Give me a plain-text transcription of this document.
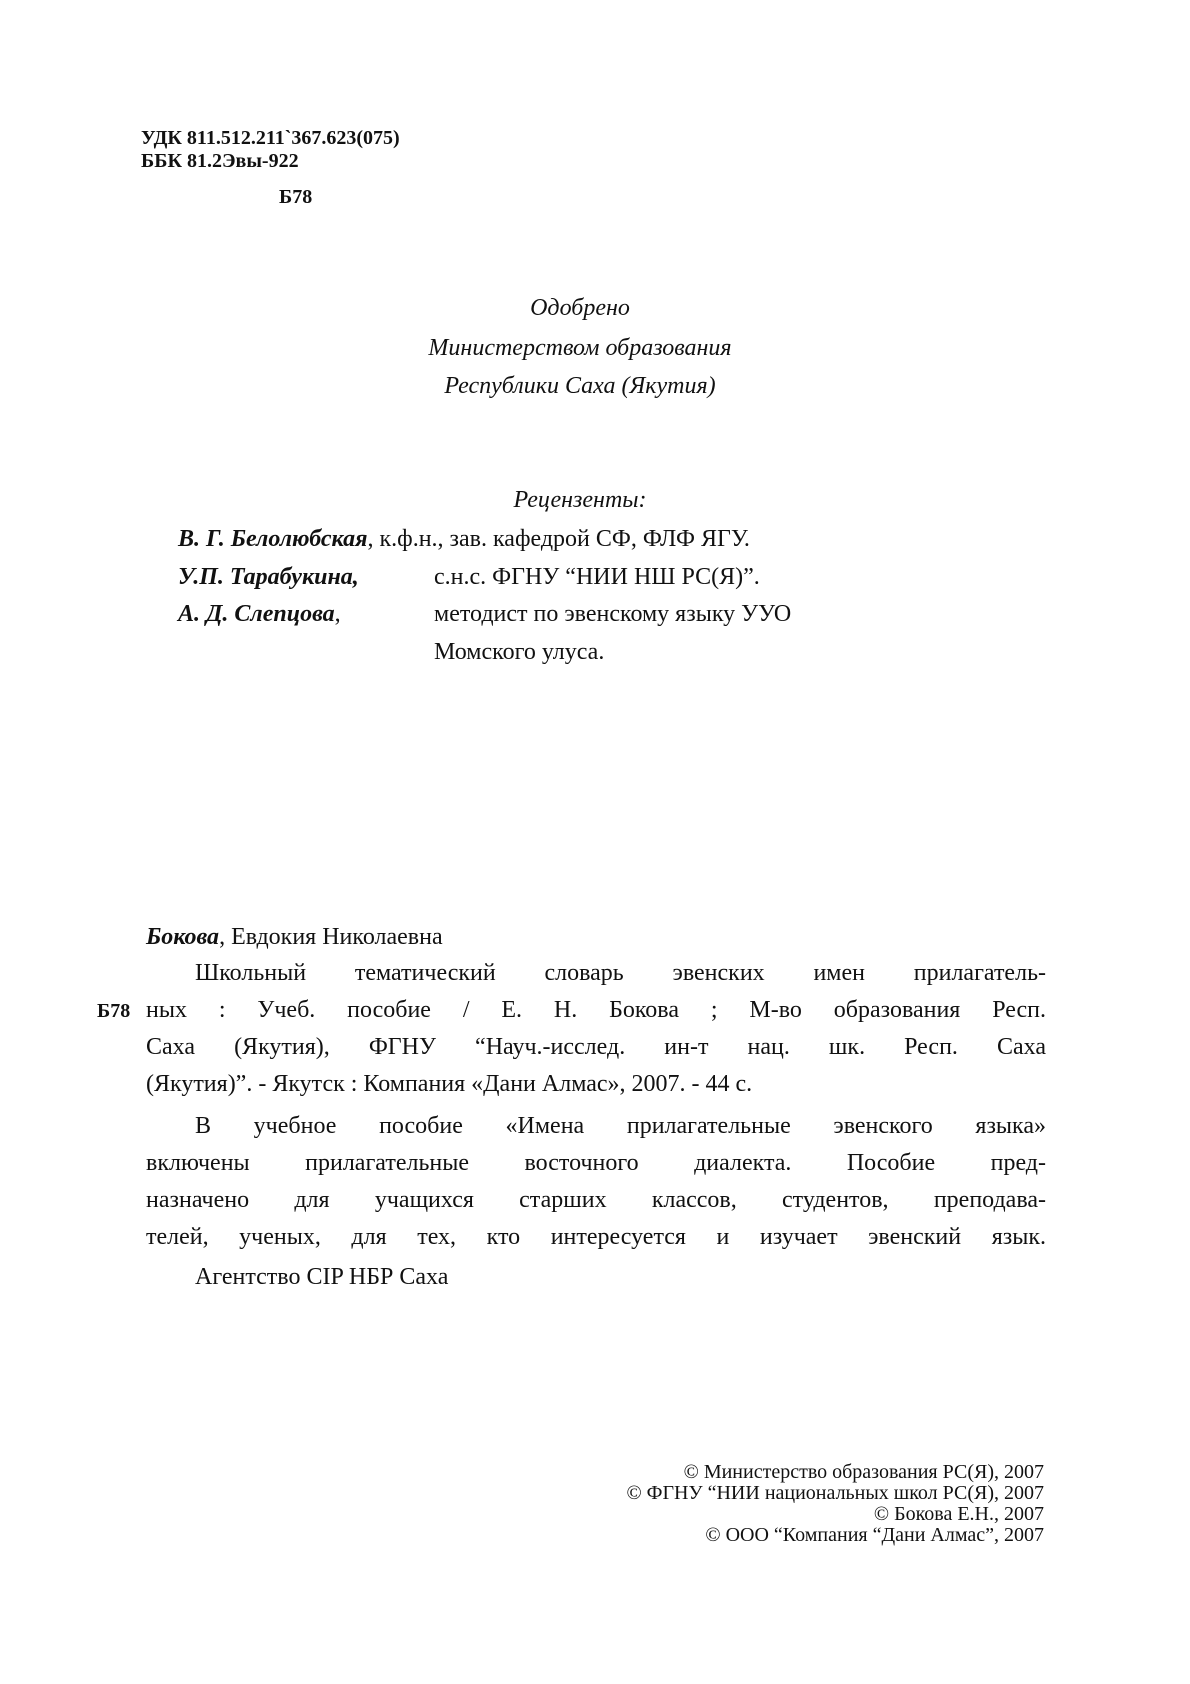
УДК 811.512.211`367.623(075)
ББК 81.2Эвы-922
Б78
Одобрено
Министерством образования
Республики Саха (Якутия)
Рецензенты:
В. Г. Белолюбская, к.ф.н., зав. кафедрой СФ, ФЛФ ЯГУ.
У.П. Тарабукина,	с.н.с. ФГНУ “НИИ НШ РС(Я)”.
А. Д. Слепцова,	методист по эвенскому языку УУО
Момского улуса.
Бокова, Евдокия Николаевна
Школьный тематический словарь эвенских имен прилагатель-
Б78 ных : Учеб. пособие / Е. Н. Бокова ; М-во образования Респ.
Саха (Якутия), ФГНУ “Науч.-исслед. ин-т нац. шк. Респ. Саха
(Якутия)”. - Якутск : Компания «Дани Алмас», 2007. - 44 с.
В учебное пособие «Имена прилагательные эвенского языка»
включены прилагательные восточного диалекта. Пособие пред-
назначено для учащихся старших классов, студентов, преподава-
телей, ученых, для тех, кто интересуется и изучает эвенский язык.
Агентство CIP НБР Саха
© Министерство образования РС(Я), 2007
© ФГНУ “НИИ национальных школ РС(Я), 2007
© Бокова Е.Н., 2007
© ООО “Компания “Дани Алмас”, 2007
